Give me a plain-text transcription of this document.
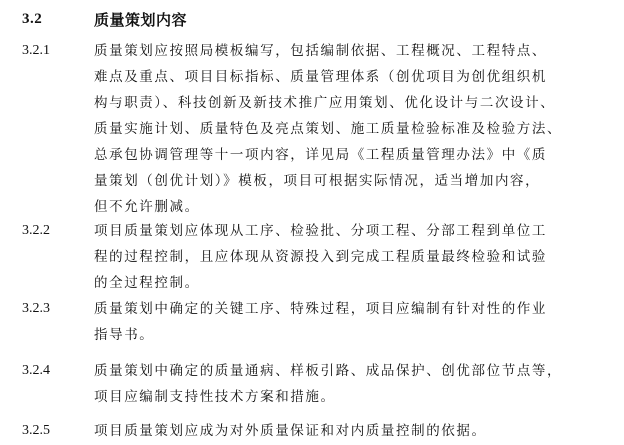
3.2	质量策划内容
3.2.1	质量策划应按照局模板编写，包括编制依据、工程概况、工程特点、
难点及重点、项目目标指标、质量管理体系（创优项目为创优组织机
构与职责）、科技创新及新技术推广应用策划、优化设计与二次设计、
质量实施计划、质量特色及亮点策划、施工质量检验标准及检验方法、
总承包协调管理等十一项内容，详见局《工程质量管理办法》中《质
量策划（创优计划）》模板，项目可根据实际情况，适当增加内容，
但不允许删减。
3.2.2	项目质量策划应体现从工序、检验批、分项工程、分部工程到单位工
程的过程控制，且应体现从资源投入到完成工程质量最终检验和试验
的全过程控制。
3.2.3	质量策划中确定的关键工序、特殊过程，项目应编制有针对性的作业
指导书。
3.2.4	质量策划中确定的质量通病、样板引路、成品保护、创优部位节点等，
项目应编制支持性技术方案和措施。
3.2.5	项目质量策划应成为对外质量保证和对内质量控制的依据。
